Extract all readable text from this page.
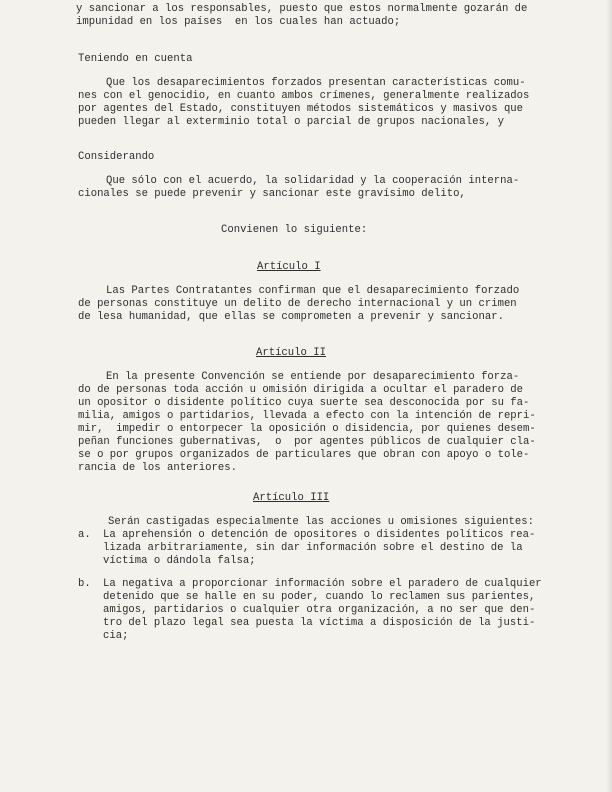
y sancionar a los responsables, puesto que estos normalmente gozarán de
impunidad en los países  en los cuales han actuado;
Teniendo en cuenta
Que los desaparecimientos forzados presentan características comu-
nes con el genocidio, en cuanto ambos crímenes, generalmente realizados
por agentes del Estado, constituyen métodos sistemáticos y masivos que
pueden llegar al exterminio total o parcial de grupos nacionales, y
Considerando
Que sólo con el acuerdo, la solidaridad y la cooperación interna-
cionales se puede prevenir y sancionar este gravísimo delito,
Convienen lo siguiente:
Artículo I
Las Partes Contratantes confirman que el desaparecimiento forzado
de personas constituye un delito de derecho internacional y un crimen
de lesa humanidad, que ellas se comprometen a prevenir y sancionar.
Artículo II
En la presente Convención se entiende por desaparecimiento forza-
do de personas toda acción u omisión dirigida a ocultar el paradero de
un opositor o disidente político cuya suerte sea desconocida por su fa-
milia, amigos o partidarios, llevada a efecto con la intención de repri-
mir,  impedir o entorpecer la oposición o disidencia, por quienes desem-
peñan funciones gubernativas,  o  por agentes públicos de cualquier cla-
se o por grupos organizados de particulares que obran con apoyo o tole-
rancia de los anteriores.
Artículo III
Serán castigadas especialmente las acciones u omisiones siguientes:
a. La aprehensión o detención de opositores o disidentes políticos rea-
lizada arbitrariamente, sin dar información sobre el destino de la
víctima o dándola falsa;
b. La negativa a proporcionar información sobre el paradero de cualquier
detenido que se halle en su poder, cuando lo reclamen sus parientes,
amigos, partidarios o cualquier otra organización, a no ser que den-
tro del plazo legal sea puesta la víctima a disposición de la justi-
cia;
